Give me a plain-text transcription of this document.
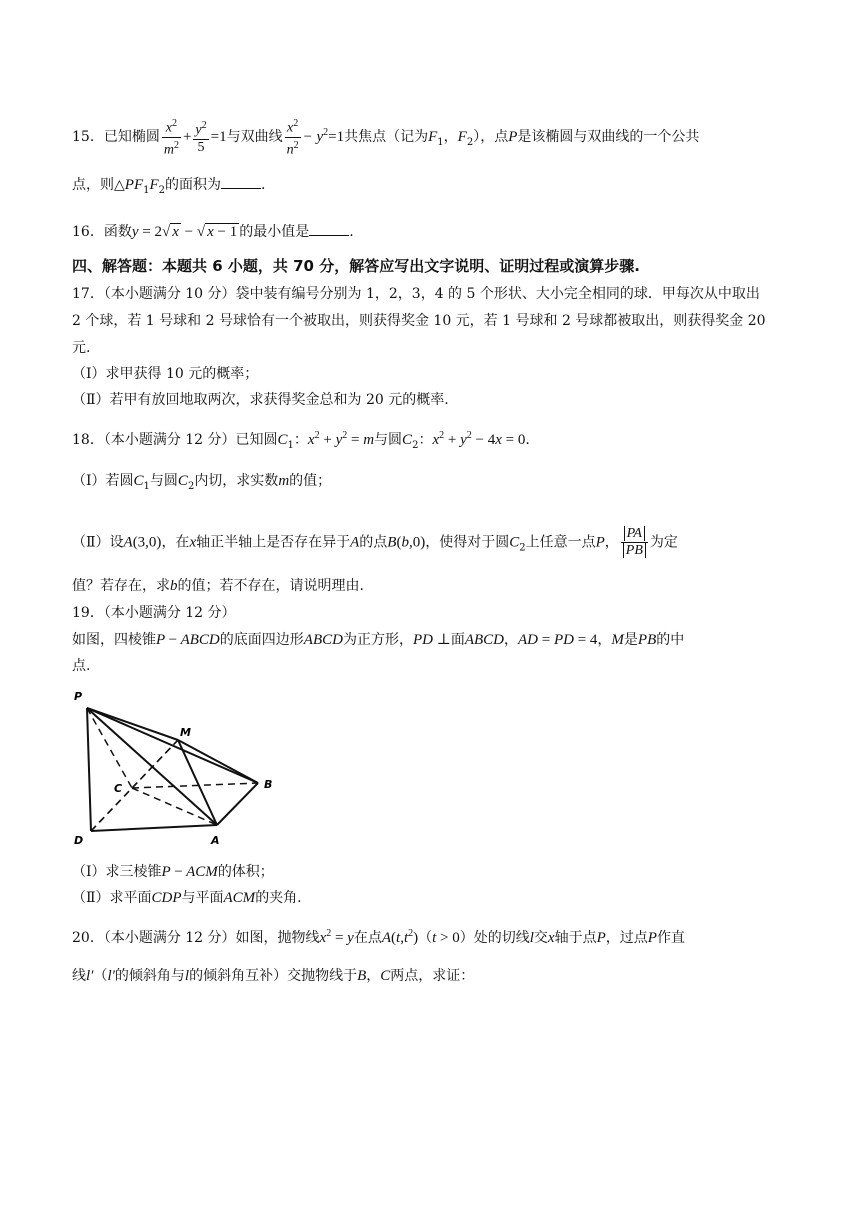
15．已知椭圆 $\frac{x^2}{m^2} + \frac{y^2}{5} =1$与双曲线 $\frac{x^2}{n^2} - y^2=1$共焦点（记为$F_1$，$F_2$），点P是该椭圆与双曲线的一个公共
点，则$\triangle PF_1F_2$的面积为	.
16．函数y = 2√ x − √ x − 1 的最小值是	.
四、解答题：本题共 6 小题，共 70 分，解答应写出文字说明、证明过程或演算步骤.
17．（本小题满分 10 分）袋中装有编号分别为 1，2，3，4 的 5 个形状、大小完全相同的球．甲每次从中取出
2 个球，若 1 号球和 2 号球恰有一个被取出，则获得奖金 10 元，若 1 号球和 2 号球都被取出，则获得奖金 20
元.
（Ⅰ）求甲获得 10 元的概率；
（Ⅱ）若甲有放回地取两次，求获得奖金总和为 20 元的概率.
18．（本小题满分 12 分）已知圆$C_1$：$x^2 + y^2 = m$与圆$C_2$：$x^2 + y^2 - 4x = 0$.
（Ⅰ）若圆$C_1$与圆$C_2$内切，求实数m的值；
（Ⅱ）设A(3,0)，在x轴正半轴上是否存在异于A的点B(b,0)，使得对于圆$C_2$上任意一点P， $\frac{PA}{PB}$ 为定
值？若存在，求b的值；若不存在，请说明理由.
19．（本小题满分 12 分）
如图，四棱锥P − ABCD的底面四边形ABCD为正方形，PD ⊥面ABCD，AD = PD = 4，M是PB的中
点.
P
M
C	B
D	A
（Ⅰ）求三棱锥P − ACM的体积；
（Ⅱ）求平面CDP与平面ACM的夹角.
20．（本小题满分 12 分）如图，抛物线$x^2 = y$在点$A(t,t^2)(t > 0)$处的切线l交x轴于点P，过点P作直
线l′（l′的倾斜角与l的倾斜角互补）交抛物线于B，C两点，求证：
